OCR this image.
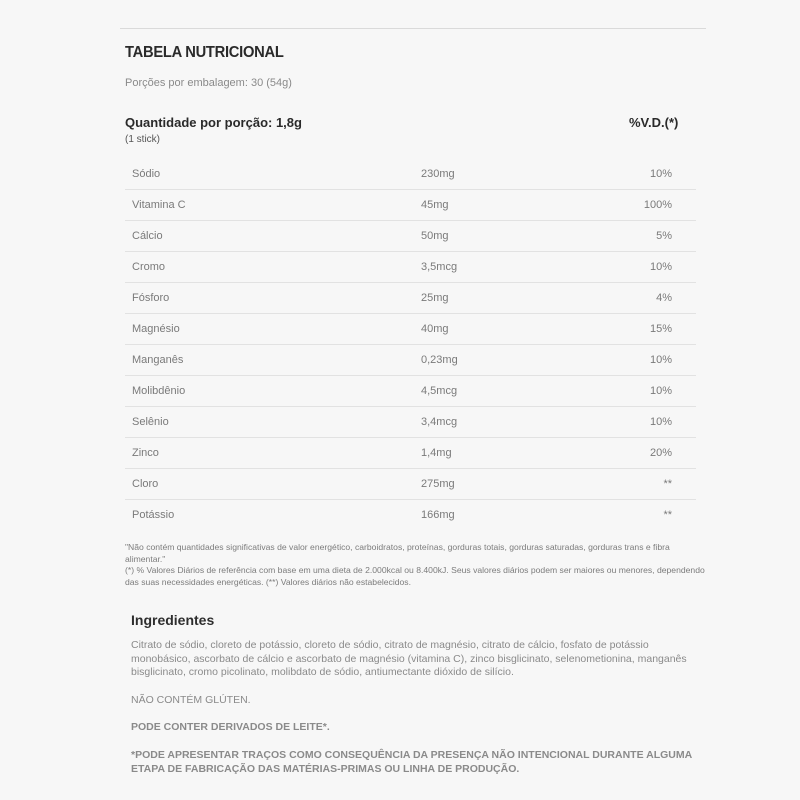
TABELA NUTRICIONAL
Porções por embalagem: 30 (54g)
Quantidade por porção: 1,8g
(1 stick)
%V.D.(*)
Sódio	230mg	10%
Vitamina C	45mg	100%
Cálcio	50mg	5%
Cromo	3,5mcg	10%
Fósforo	25mg	4%
Magnésio	40mg	15%
Manganês	0,23mg	10%
Molibdênio	4,5mcg	10%
Selênio	3,4mcg	10%
Zinco	1,4mg	20%
Cloro	275mg	**
Potássio	166mg	**

"Não contém quantidades significativas de valor energético, carboidratos, proteínas, gorduras totais, gorduras saturadas, gorduras trans e fibra alimentar."

(*) % Valores Diários de referência com base em uma dieta de 2.000kcal ou 8.400kJ. Seus valores diários podem ser maiores ou menores, dependendo das suas necessidades energéticas. (**) Valores diários não estabelecidos.

Ingredientes
Citrato de sódio, cloreto de potássio, cloreto de sódio, citrato de magnésio, citrato de cálcio, fosfato de potássio monobásico, ascorbato de cálcio e ascorbato de magnésio (vitamina C), zinco bisglicinato, selenometionina, manganês bisglicinato, cromo picolinato, molibdato de sódio, antiumectante dióxido de silício.
NÃO CONTÉM GLÚTEN.
PODE CONTER DERIVADOS DE LEITE*.
*PODE APRESENTAR TRAÇOS COMO CONSEQUÊNCIA DA PRESENÇA NÃO INTENCIONAL DURANTE ALGUMA ETAPA DE FABRICAÇÃO DAS MATÉRIAS-PRIMAS OU LINHA DE PRODUÇÃO.
